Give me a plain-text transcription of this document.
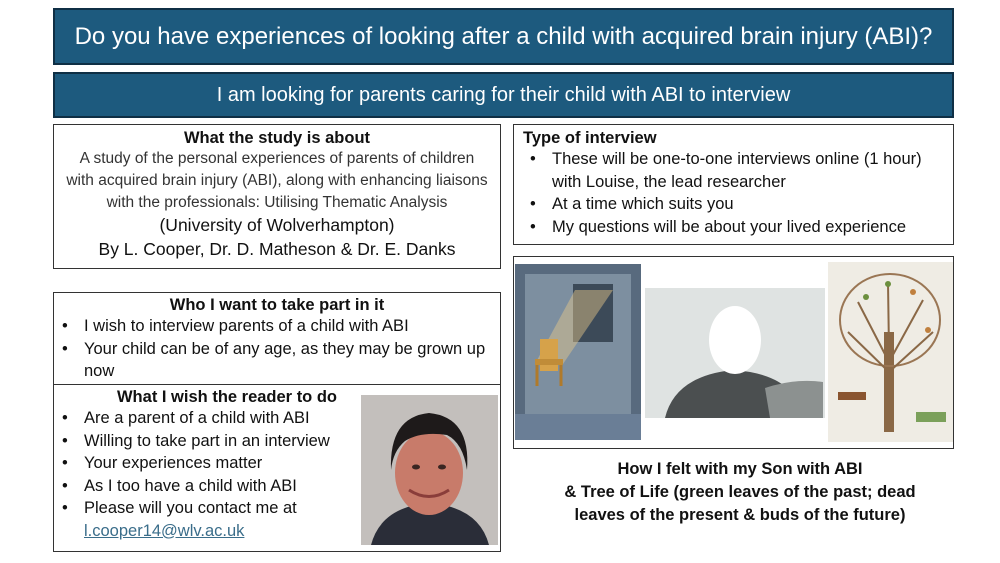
Do you have experiences of looking after a child with acquired brain injury (ABI)?
I am looking for parents caring for their child with ABI to interview
What the study is about
A study of the personal experiences of parents of children with acquired brain injury (ABI), along with enhancing liaisons with the professionals: Utilising Thematic Analysis (University of Wolverhampton)
By L. Cooper, Dr. D. Matheson & Dr. E. Danks
Type of interview
• These will be one-to-one interviews online (1 hour) with Louise, the lead researcher
• At a time which suits you
• My questions will be about your lived experience
Who I want to take part in it
• I wish to interview parents of a child with ABI
• Your child can be of any age, as they may be grown up now
What I wish the reader to do
• Are a parent of a child with ABI
• Willing to take part in an interview
• Your experiences matter
• As I too have a child with ABI
• Please will you contact me at
l.cooper14@wlv.ac.uk
How I felt with my Son with ABI
& Tree of Life (green leaves of the past; dead leaves of the present & buds of the future)
